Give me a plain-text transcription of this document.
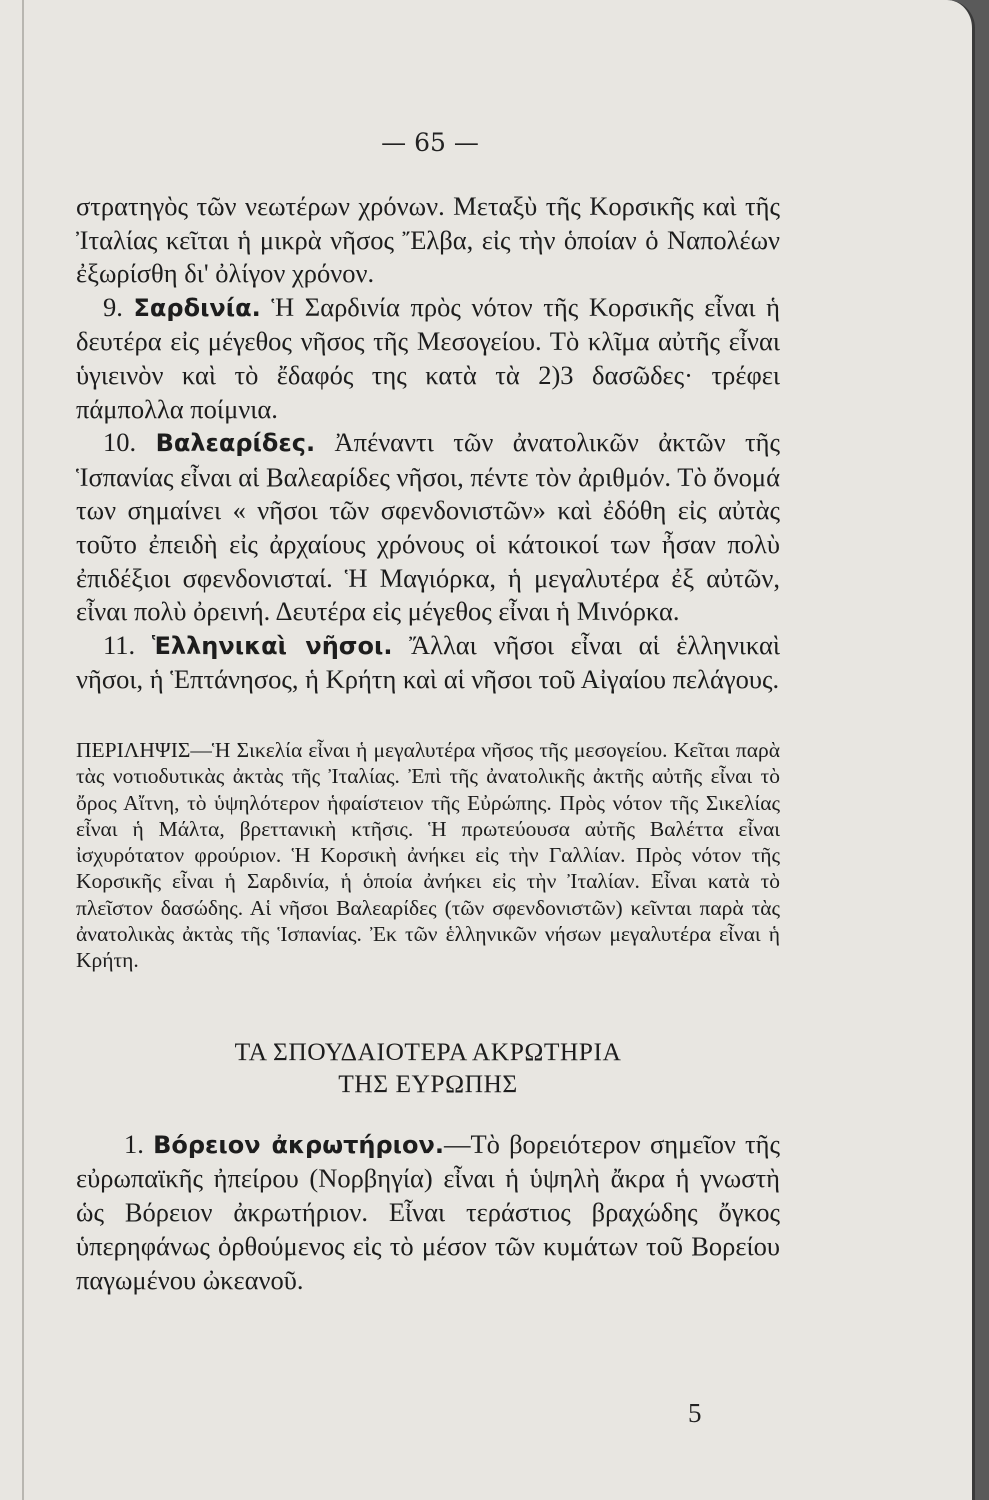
— 65 —

στρατηγὸς τῶν νεωτέρων χρόνων. Μεταξὺ τῆς Κορσικῆς καὶ τῆς Ἰταλίας κεῖται ἡ μικρὰ νῆσος Ἔλβα, εἰς τὴν ὁποίαν ὁ Ναπολέων ἐξωρίσθη δι' ὀλίγον χρόνον.

9. Σαρδινία. Ἡ Σαρδινία πρὸς νότον τῆς Κορσικῆς εἶναι ἡ δευτέρα εἰς μέγεθος νῆσος τῆς Μεσογείου. Τὸ κλῖμα αὐτῆς εἶναι ὑγιεινὸν καὶ τὸ ἔδαφός της κατὰ τὰ 2)3 δασῶδες· τρέφει πάμπολλα ποίμνια.

10. Βαλεαρίδες. Ἀπέναντι τῶν ἀνατολικῶν ἀκτῶν τῆς Ἱσπανίας εἶναι αἱ Βαλεαρίδες νῆσοι, πέντε τὸν ἀριθμόν. Τὸ ὄνομά των σημαίνει « νῆσοι τῶν σφενδονιστῶν» καὶ ἐδόθη εἰς αὐτὰς τοῦτο ἐπειδὴ εἰς ἀρχαίους χρόνους οἱ κάτοικοί των ἦσαν πολὺ ἐπιδέξιοι σφενδονισταί. Ἡ Μαγιόρκα, ἡ μεγαλυτέρα ἐξ αὐτῶν, εἶναι πολὺ ὀρεινή. Δευτέρα εἰς μέγεθος εἶναι ἡ Μινόρκα.

11. Ἑλληνικαὶ νῆσοι. Ἄλλαι νῆσοι εἶναι αἱ ἑλληνικαὶ νῆσοι, ἡ Ἑπτάνησος, ἡ Κρήτη καὶ αἱ νῆσοι τοῦ Αἰγαίου πελάγους.

ΠΕΡΙΛΗΨΙΣ—Ἡ Σικελία εἶναι ἡ μεγαλυτέρα νῆσος τῆς μεσογείου. Κεῖται παρὰ τὰς νοτιοδυτικὰς ἀκτὰς τῆς Ἰταλίας. Ἐπὶ τῆς ἀνατολικῆς ἀκτῆς αὐτῆς εἶναι τὸ ὄρος Αἴτνη, τὸ ὑψηλότερον ἡφαίστειον τῆς Εὐρώπης. Πρὸς νότον τῆς Σικελίας εἶναι ἡ Μάλτα, βρεττανικὴ κτῆσις. Ἡ πρωτεύουσα αὐτῆς Βαλέττα εἶναι ἰσχυρότατον φρούριον. Ἡ Κορσικὴ ἀνήκει εἰς τὴν Γαλλίαν. Πρὸς νότον τῆς Κορσικῆς εἶναι ἡ Σαρδινία, ἡ ὁποία ἀνήκει εἰς τὴν Ἰταλίαν. Εἶναι κατὰ τὸ πλεῖστον δασώδης. Αἱ νῆσοι Βαλεαρίδες (τῶν σφενδονιστῶν) κεῖνται παρὰ τὰς ἀνατολικὰς ἀκτὰς τῆς Ἱσπανίας. Ἐκ τῶν ἑλληνικῶν νήσων μεγαλυτέρα εἶναι ἡ Κρήτη.

ΤΑ ΣΠΟΥΔΑΙΟΤΕΡΑ ΑΚΡΩΤΗΡΙΑ
ΤΗΣ ΕΥΡΩΠΗΣ

1. Βόρειον ἀκρωτήριον.—Τὸ βορειότερον σημεῖον τῆς εὐρωπαϊκῆς ἠπείρου (Νορβηγία) εἶναι ἡ ὑψηλὴ ἄκρα ἡ γνωστὴ ὡς Βόρειον ἀκρωτήριον. Εἶναι τεράστιος βραχώδης ὄγκος ὑπερηφάνως ὀρθούμενος εἰς τὸ μέσον τῶν κυμάτων τοῦ Βορείου παγωμένου ὠκεανοῦ.

5
